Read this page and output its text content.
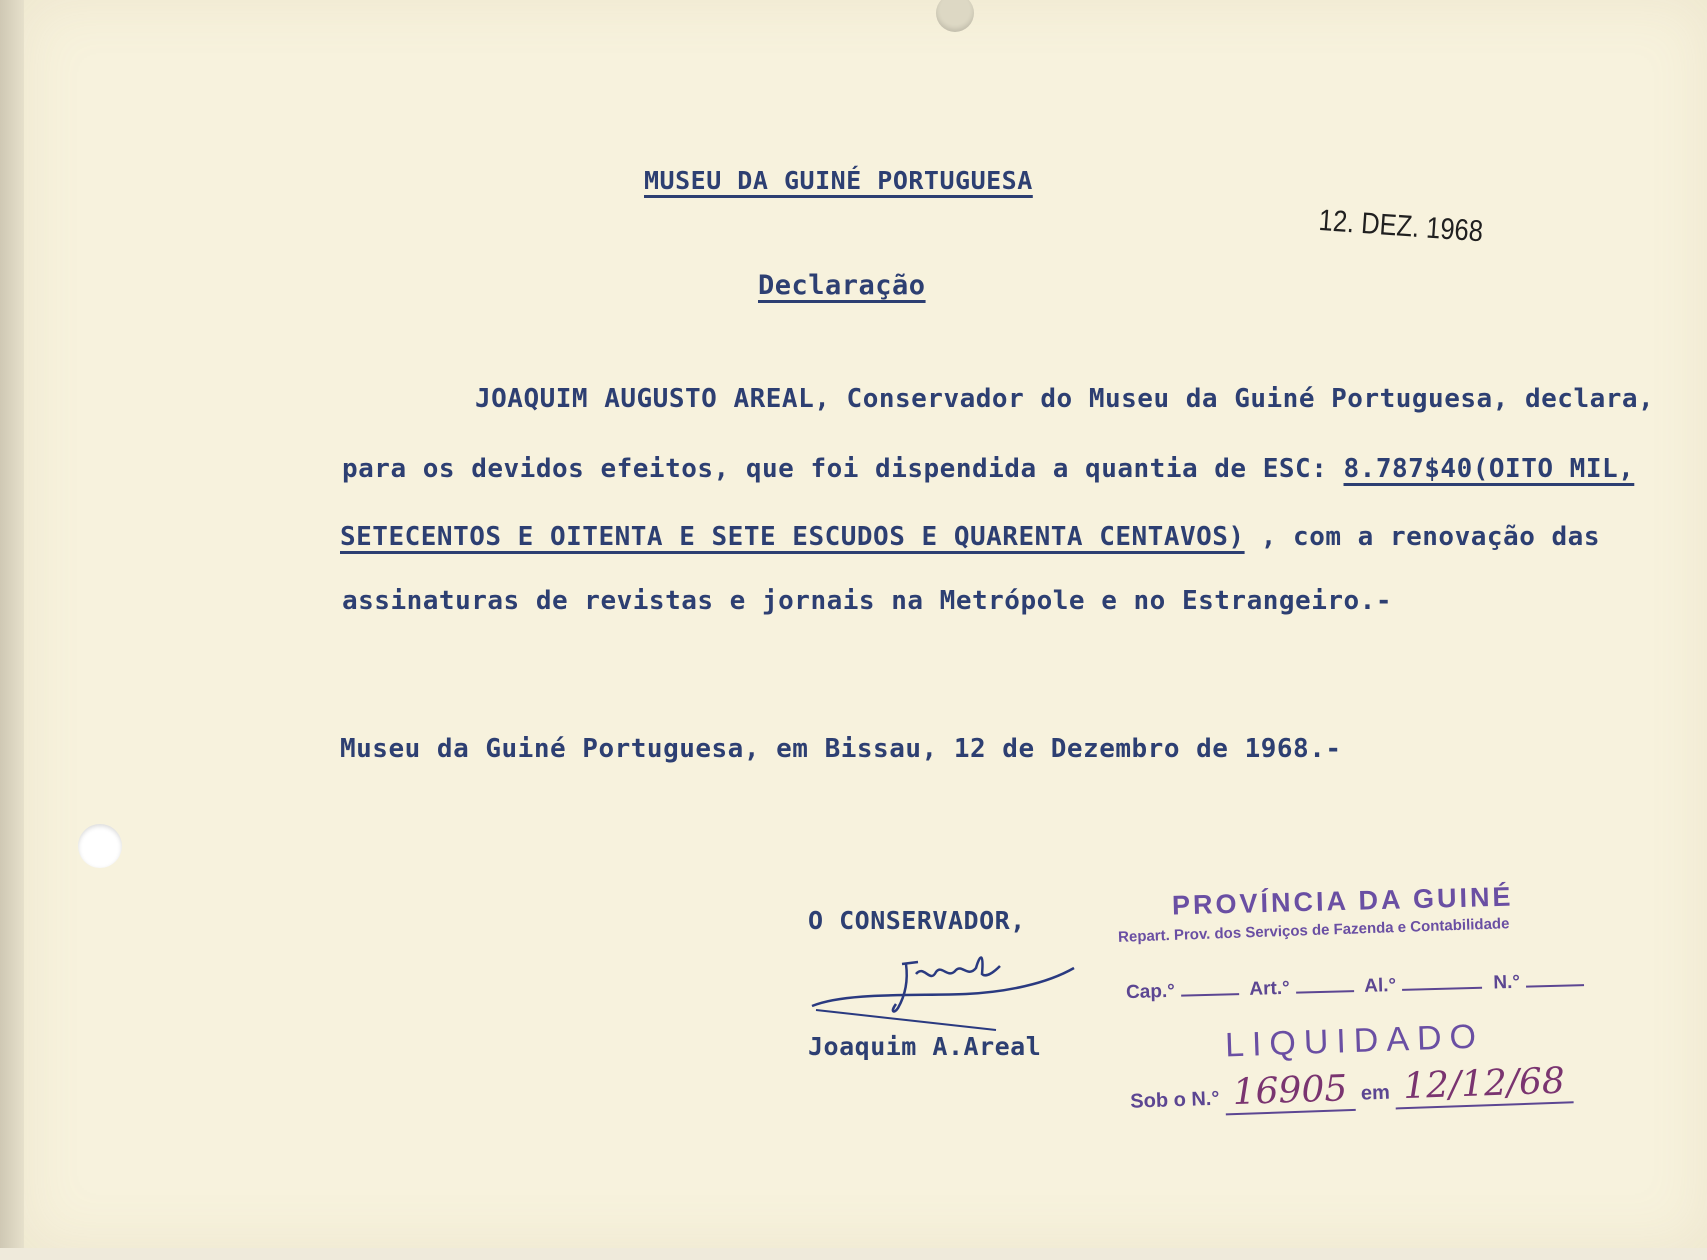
MUSEU DA GUINÉ PORTUGUESA
12. DEZ. 1968
Declaração
JOAQUIM AUGUSTO AREAL, Conservador do Museu da Guiné Portuguesa, declara,
para os devidos efeitos, que foi dispendida a quantia de ESC: 8.787$40(OITO MIL,
SETECENTOS E OITENTA E SETE ESCUDOS E QUARENTA CENTAVOS) , com a renovação das
assinaturas de revistas e jornais na Metrópole e no Estrangeiro.-
Museu da Guiné Portuguesa, em Bissau, 12 de Dezembro de 1968.-
O CONSERVADOR,
Joaquim A.Areal
PROVÍNCIA DA GUINÉ
Repart. Prov. dos Serviços de Fazenda e Contabilidade
Cap.°	Art.°	Al.°	N.°
LIQUIDADO
Sob o N.° 16905 em 12/12/68
